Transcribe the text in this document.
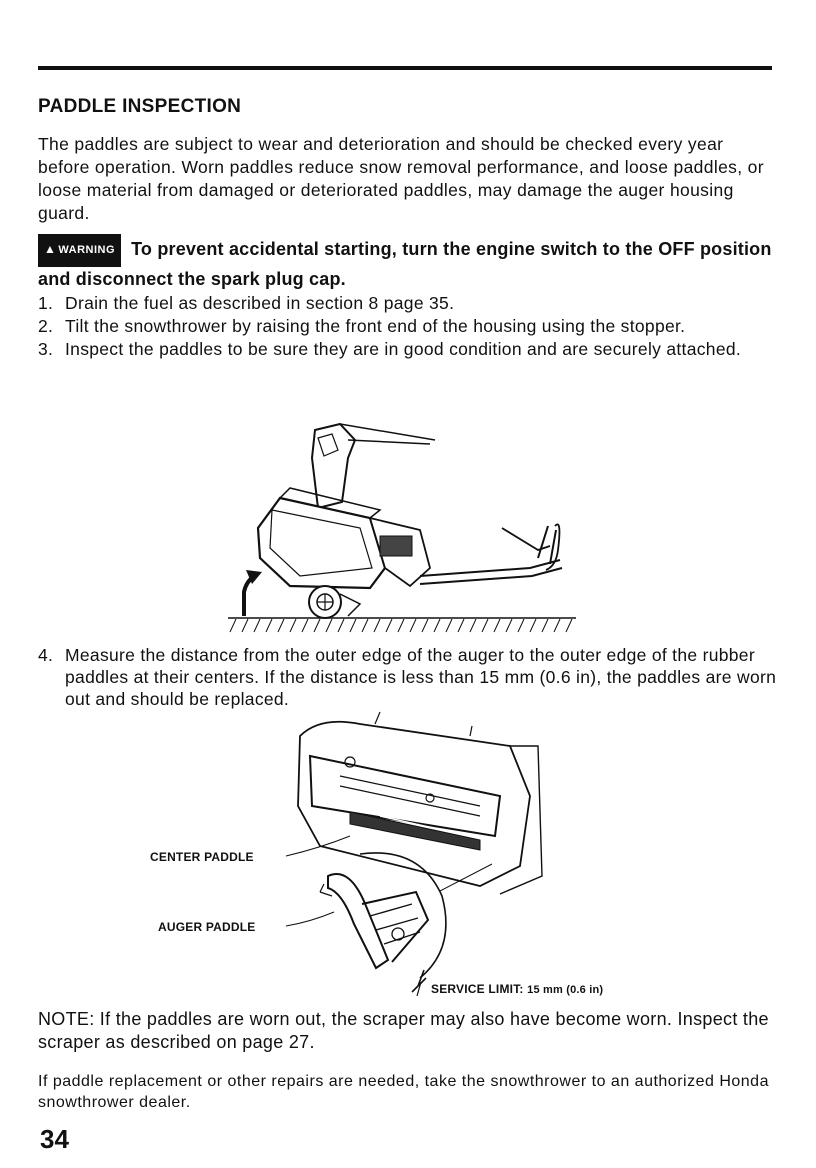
PADDLE INSPECTION
The paddles are subject to wear and deterioration and should be checked every year before operation. Worn paddles reduce snow removal performance, and loose paddles, or loose material from damaged or deteriorated paddles, may damage the auger housing guard.
▲ WARNING To prevent accidental starting, turn the engine switch to the OFF position and disconnect the spark plug cap.
1. Drain the fuel as described in section 8 page 35.
2. Tilt the snowthrower by raising the front end of the housing using the stopper.
3. Inspect the paddles to be sure they are in good condition and are securely attached.
4. Measure the distance from the outer edge of the auger to the outer edge of the rubber paddles at their centers. If the distance is less than 15 mm (0.6 in), the paddles are worn out and should be replaced.
CENTER PADDLE
AUGER PADDLE
SERVICE LIMIT: 15 mm (0.6 in)
NOTE: If the paddles are worn out, the scraper may also have become worn. Inspect the scraper as described on page 27.
If paddle replacement or other repairs are needed, take the snowthrower to an authorized Honda snowthrower dealer.
34
